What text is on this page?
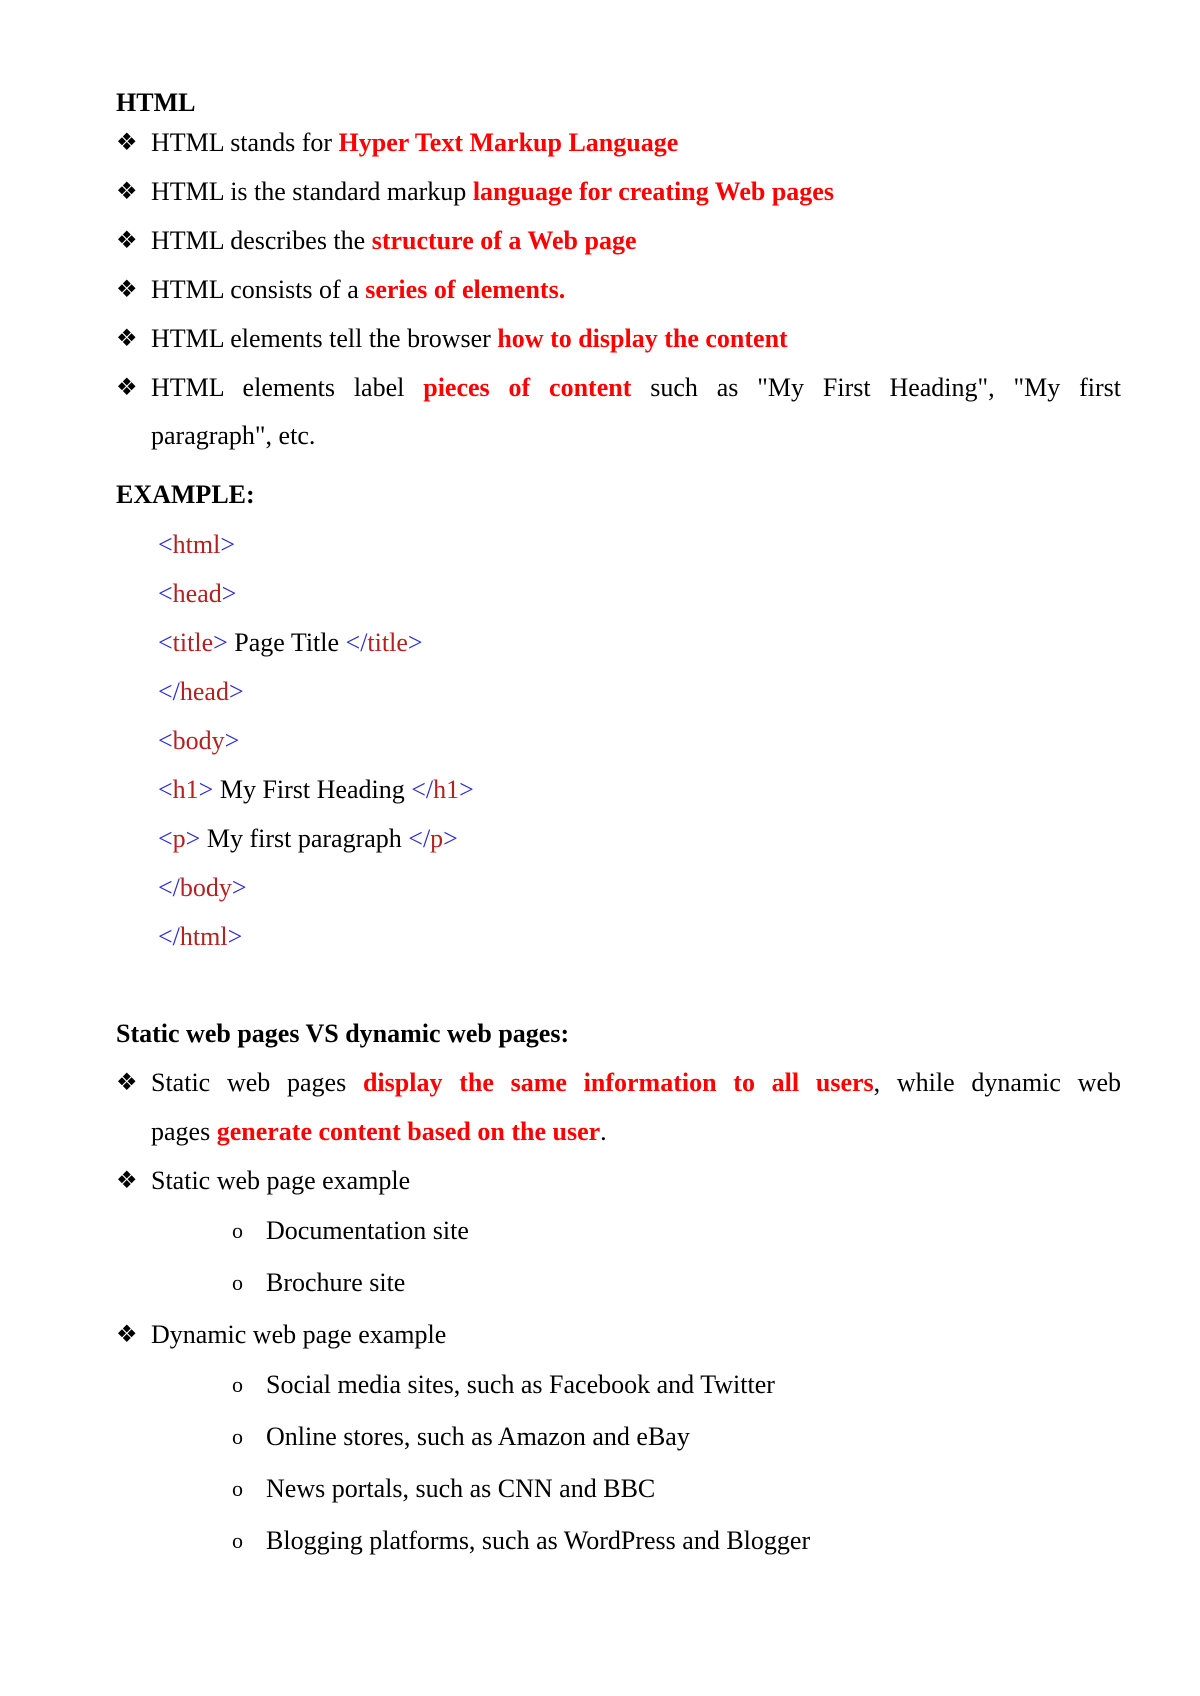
HTML
❖ HTML stands for Hyper Text Markup Language
❖ HTML is the standard markup language for creating Web pages
❖ HTML describes the structure of a Web page
❖ HTML consists of a series of elements.
❖ HTML elements tell the browser how to display the content
❖ HTML elements label pieces of content such as "My First Heading", "My first
paragraph", etc.
EXAMPLE:
<html>
<head>
<title> Page Title </title>
</head>
<body>
<h1> My First Heading </h1>
<p> My first paragraph </p>
</body>
</html>
Static web pages VS dynamic web pages:
❖ Static web pages display the same information to all users, while dynamic web
pages generate content based on the user.
❖ Static web page example
o Documentation site
o Brochure site
❖ Dynamic web page example
o Social media sites, such as Facebook and Twitter
o Online stores, such as Amazon and eBay
o News portals, such as CNN and BBC
o Blogging platforms, such as WordPress and Blogger
